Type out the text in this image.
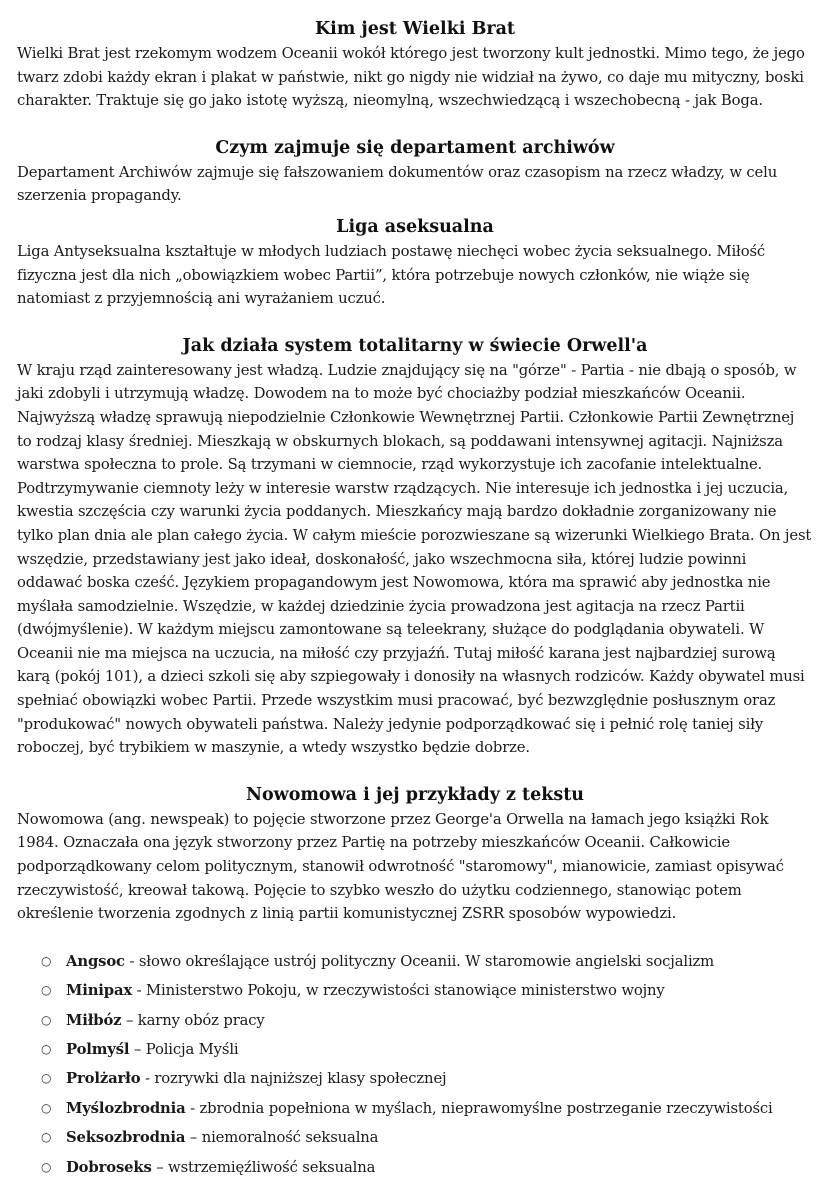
Kim jest Wielki Brat

Wielki Brat jest rzekomym wodzem Oceanii wokół którego jest tworzony kult jednostki. Mimo tego, że jego twarz zdobi każdy ekran i plakat w państwie, nikt go nigdy nie widział na żywo, co daje mu mityczny, boski charakter. Traktuje się go jako istotę wyższą, nieomylną, wszechwiedzącą i wszechobecną - jak Boga.

Czym zajmuje się departament archiwów

Departament Archiwów zajmuje się fałszowaniem dokumentów oraz czasopism na rzecz władzy, w celu szerzenia propagandy.

Liga aseksualna

Liga Antyseksualna kształtuje w młodych ludziach postawę niechęci wobec życia seksualnego. Miłość fizyczna jest dla nich „obowiązkiem wobec Partii”, która potrzebuje nowych członków, nie wiąże się natomiast z przyjemnością ani wyrażaniem uczuć.

Jak działa system totalitarny w świecie Orwell'a

W kraju rząd zainteresowany jest władzą. Ludzie znajdujący się na "górze" - Partia - nie dbają o sposób, w jaki zdobyli i utrzymują władzę. Dowodem na to może być chociażby podział mieszkańców Oceanii. Najwyższą władzę sprawują niepodzielnie Członkowie Wewnętrznej Partii. Członkowie Partii Zewnętrznej to rodzaj klasy średniej. Mieszkają w obskurnych blokach, są poddawani intensywnej agitacji. Najniższa warstwa społeczna to prole. Są trzymani w ciemnocie, rząd wykorzystuje ich zacofanie intelektualne. Podtrzymywanie ciemnoty leży w interesie warstw rządzących. Nie interesuje ich jednostka i jej uczucia, kwestia szczęścia czy warunki życia poddanych. Mieszkańcy mają bardzo dokładnie zorganizowany nie tylko plan dnia ale plan całego życia. W całym mieście porozwieszane są wizerunki Wielkiego Brata. On jest wszędzie, przedstawiany jest jako ideał, doskonałość, jako wszechmocna siła, której ludzie powinni oddawać boska cześć. Językiem propagandowym jest Nowomowa, która ma sprawić aby jednostka nie myślała samodzielnie. Wszędzie, w każdej dziedzinie życia prowadzona jest agitacja na rzecz Partii (dwójmyślenie). W każdym miejscu zamontowane są teleekrany, służące do podglądania obywateli. W Oceanii nie ma miejsca na uczucia, na miłość czy przyjaźń. Tutaj miłość karana jest najbardziej surową karą (pokój 101), a dzieci szkoli się aby szpiegowały i donosiły na własnych rodziców. Każdy obywatel musi spełniać obowiązki wobec Partii. Przede wszystkim musi pracować, być bezwzględnie posłusznym oraz "produkować" nowych obywateli państwa. Należy jedynie podporządkować się i pełnić rolę taniej siły roboczej, być trybikiem w maszynie, a wtedy wszystko będzie dobrze.

Nowomowa i jej przykłady z tekstu

Nowomowa (ang. newspeak) to pojęcie stworzone przez George'a Orwella na łamach jego książki Rok 1984. Oznaczała ona język stworzony przez Partię na potrzeby mieszkańców Oceanii. Całkowicie podporządkowany celom politycznym, stanowił odwrotność "staromowy", mianowicie, zamiast opisywać rzeczywistość, kreował takową. Pojęcie to szybko weszło do użytku codziennego, stanowiąc potem określenie tworzenia zgodnych z linią partii komunistycznej ZSRR sposobów wypowiedzi.

○ Angsoc - słowo określające ustrój polityczny Oceanii. W staromowie angielski socjalizm
○ Minipax - Ministerstwo Pokoju, w rzeczywistości stanowiące ministerstwo wojny
○ Miłbóz – karny obóz pracy
○ Polmyśl – Policja Myśli
○ Prolżarło - rozrywki dla najniższej klasy społecznej
○ Myślozbrodnia - zbrodnia popełniona w myślach, nieprawomyślne postrzeganie rzeczywistości
○ Seksozbrodnia – niemoralność seksualna
○ Dobroseks – wstrzemięźliwość seksualna
